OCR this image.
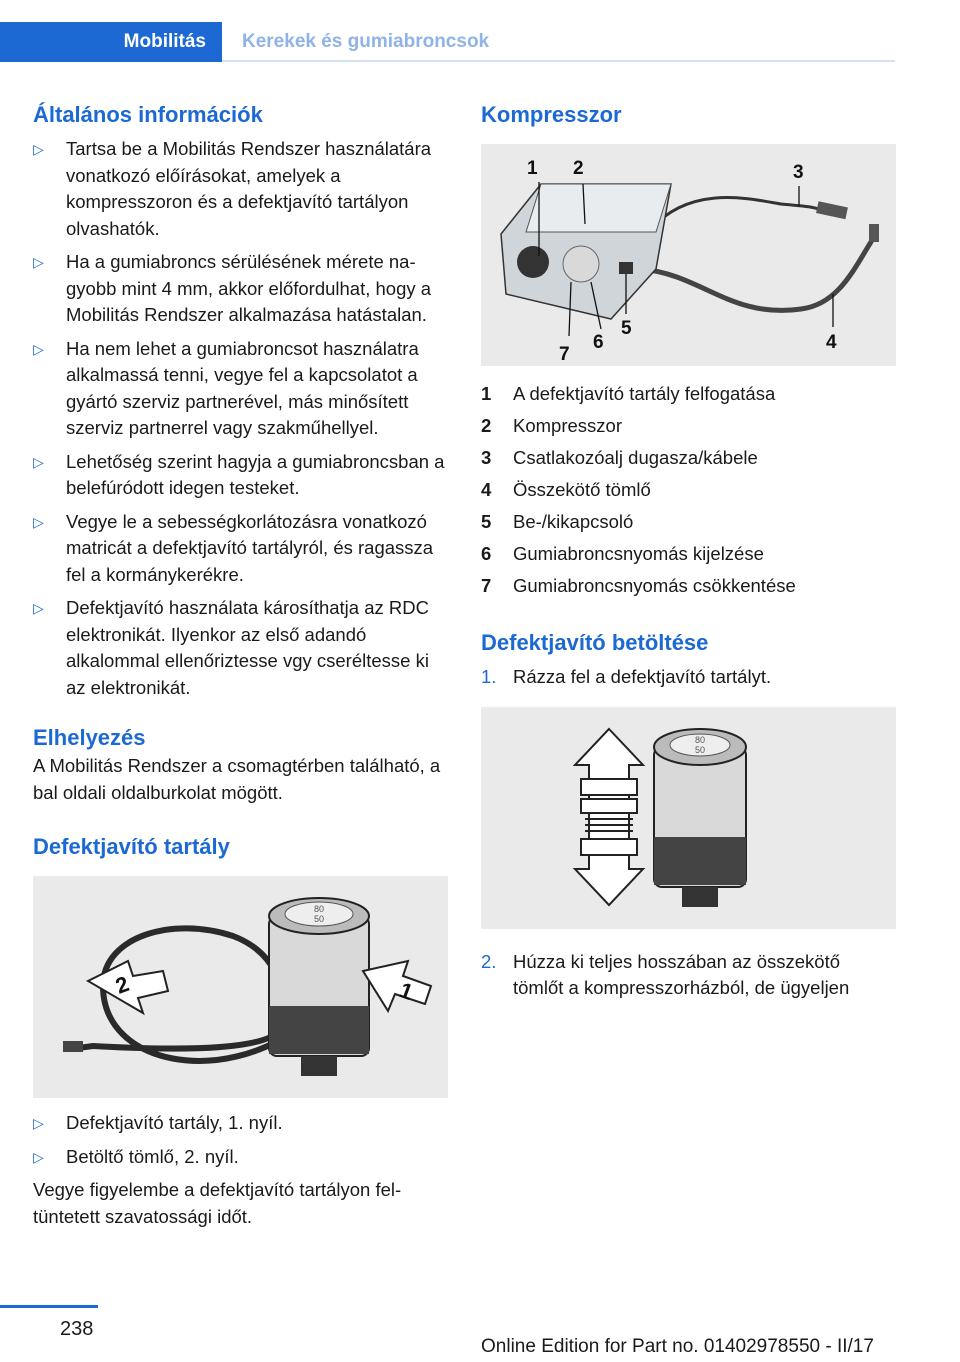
Mobilitás Kerekek és gumiabroncsok
Általános információk
▷ Tartsa be a Mobilitás Rendszer használatára vonatkozó előírásokat, amelyek a kompresszoron és a defektjavító tartályon olvashatók.
▷ Ha a gumiabroncs sérülésének mérete nagyobb mint 4 mm, akkor előfordulhat, hogy a Mobilitás Rendszer alkalmazása hatástalan.
▷ Ha nem lehet a gumiabroncsot használatra alkalmassá tenni, vegye fel a kapcsolatot a gyártó szerviz partnerével, más minősített szerviz partnerrel vagy szakműhellyel.
▷ Lehetőség szerint hagyja a gumiabroncsban a belefúródott idegen testeket.
▷ Vegye le a sebességkorlátozásra vonatkozó matricát a defektjavító tartályról, és ragassza fel a kormánykerékre.
▷ Defektjavító használata károsíthatja az RDC elektronikát. Ilyenkor az első adandó alkalommal ellenőriztesse vgy cseréltesse ki az elektronikát.
Elhelyezés

A Mobilitás Rendszer a csomagtérben található, a bal oldali oldalburkolat mögött.

Defektjavító tartály
80
50
2	1
▷ Defektjavító tartály, 1. nyíl.
▷ Betöltő tömlő, 2. nyíl.

Vegye figyelembe a defektjavító tartályon feltüntetett szavatossági időt.

Kompresszor
1 2	3
4
5
6
7
1	A defektjavító tartály felfogatása
2	Kompresszor
3	Csatlakozóalj dugasza/kábele
4	Összekötő tömlő
5	Be-/kikapcsoló
6	Gumiabroncsnyomás kijelzése
7	Gumiabroncsnyomás csökkentése
Defektjavító betöltése
1. Rázza fel a defektjavító tartályt.
80
50
2. Húzza ki teljes hosszában az összekötő tömlőt a kompresszorházból, de ügyeljen
238
Online Edition for Part no. 01402978550 - II/17
